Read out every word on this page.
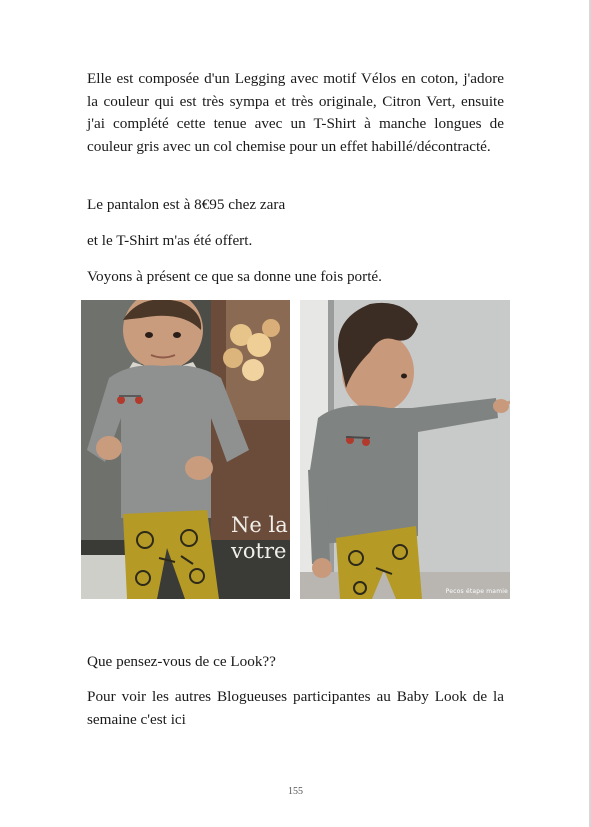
Elle est composée d'un Legging avec motif Vélos en coton, j'adore la couleur qui est très sympa et très originale, Citron Vert, ensuite j'ai complété cette tenue avec un T-Shirt à manche longues de couleur gris avec un col chemise pour un effet habillé/décontracté.

Le pantalon est à 8€95 chez zara

et le T-Shirt m'as été offert.

Voyons à présent ce que sa donne une fois porté.

Ne la
votre
Pecos étape mamie

Que pensez-vous de ce Look??

Pour voir les autres Blogueuses participantes au Baby Look de la semaine c'est ici

155
